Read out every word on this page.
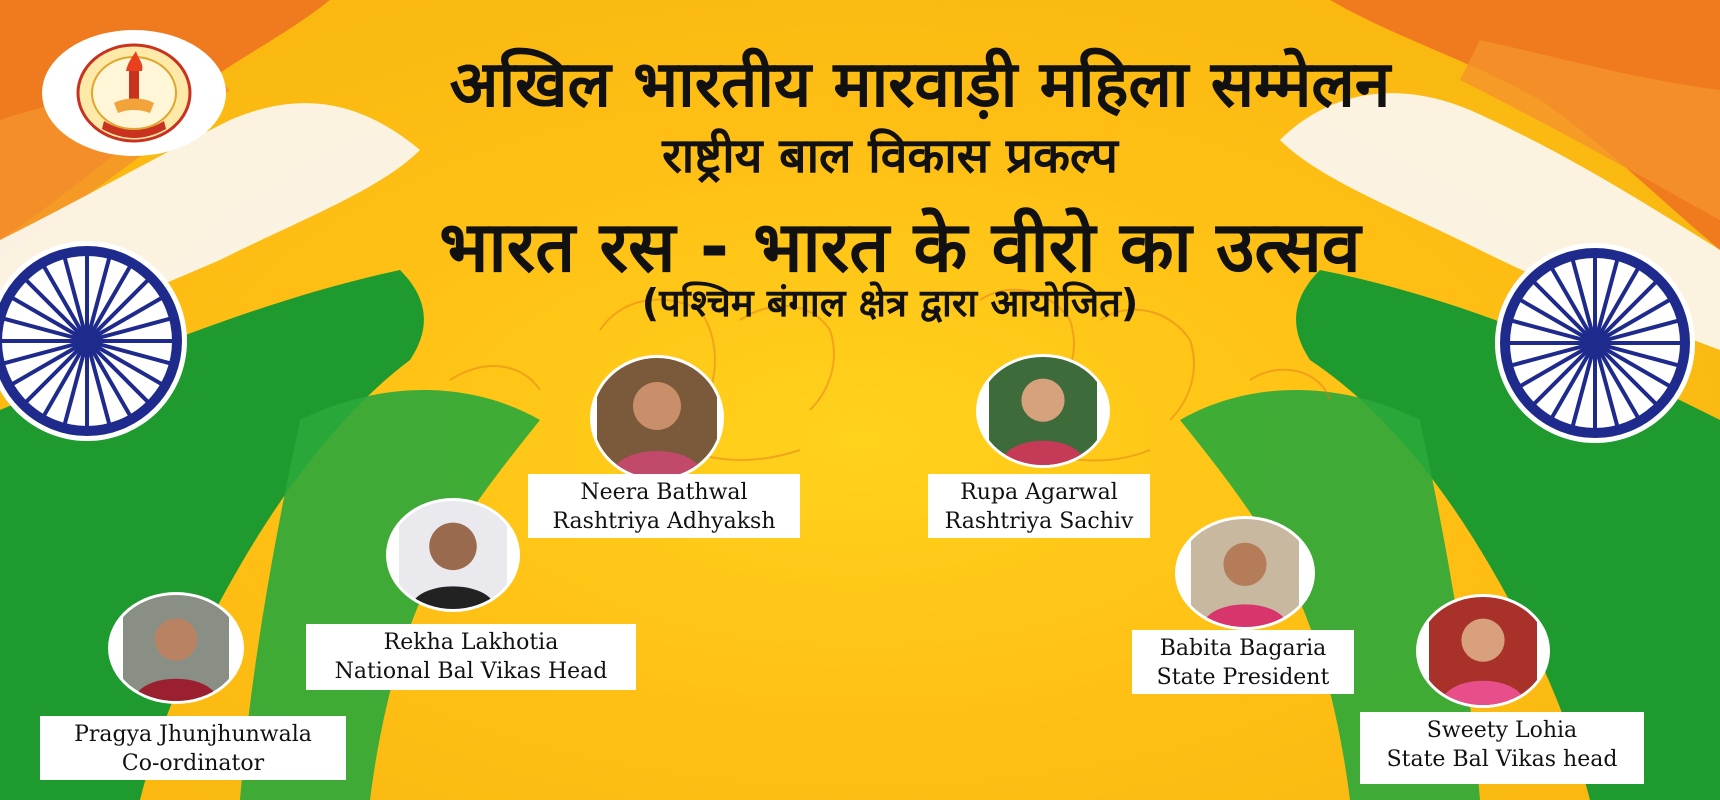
अखिल भारतीय मारवाड़ी महिला सम्मेलन
राष्ट्रीय बाल विकास प्रकल्प
भारत रस - भारत के वीरो का उत्सव
(पश्चिम बंगाल क्षेत्र द्वारा आयोजित)
Neera Bathwal
Rashtriya Adhyaksh
Rupa Agarwal
Rashtriya Sachiv
Rekha Lakhotia
National Bal Vikas Head
Babita Bagaria
State President
Pragya Jhunjhunwala
Co-ordinator
Sweety Lohia
State Bal Vikas head
